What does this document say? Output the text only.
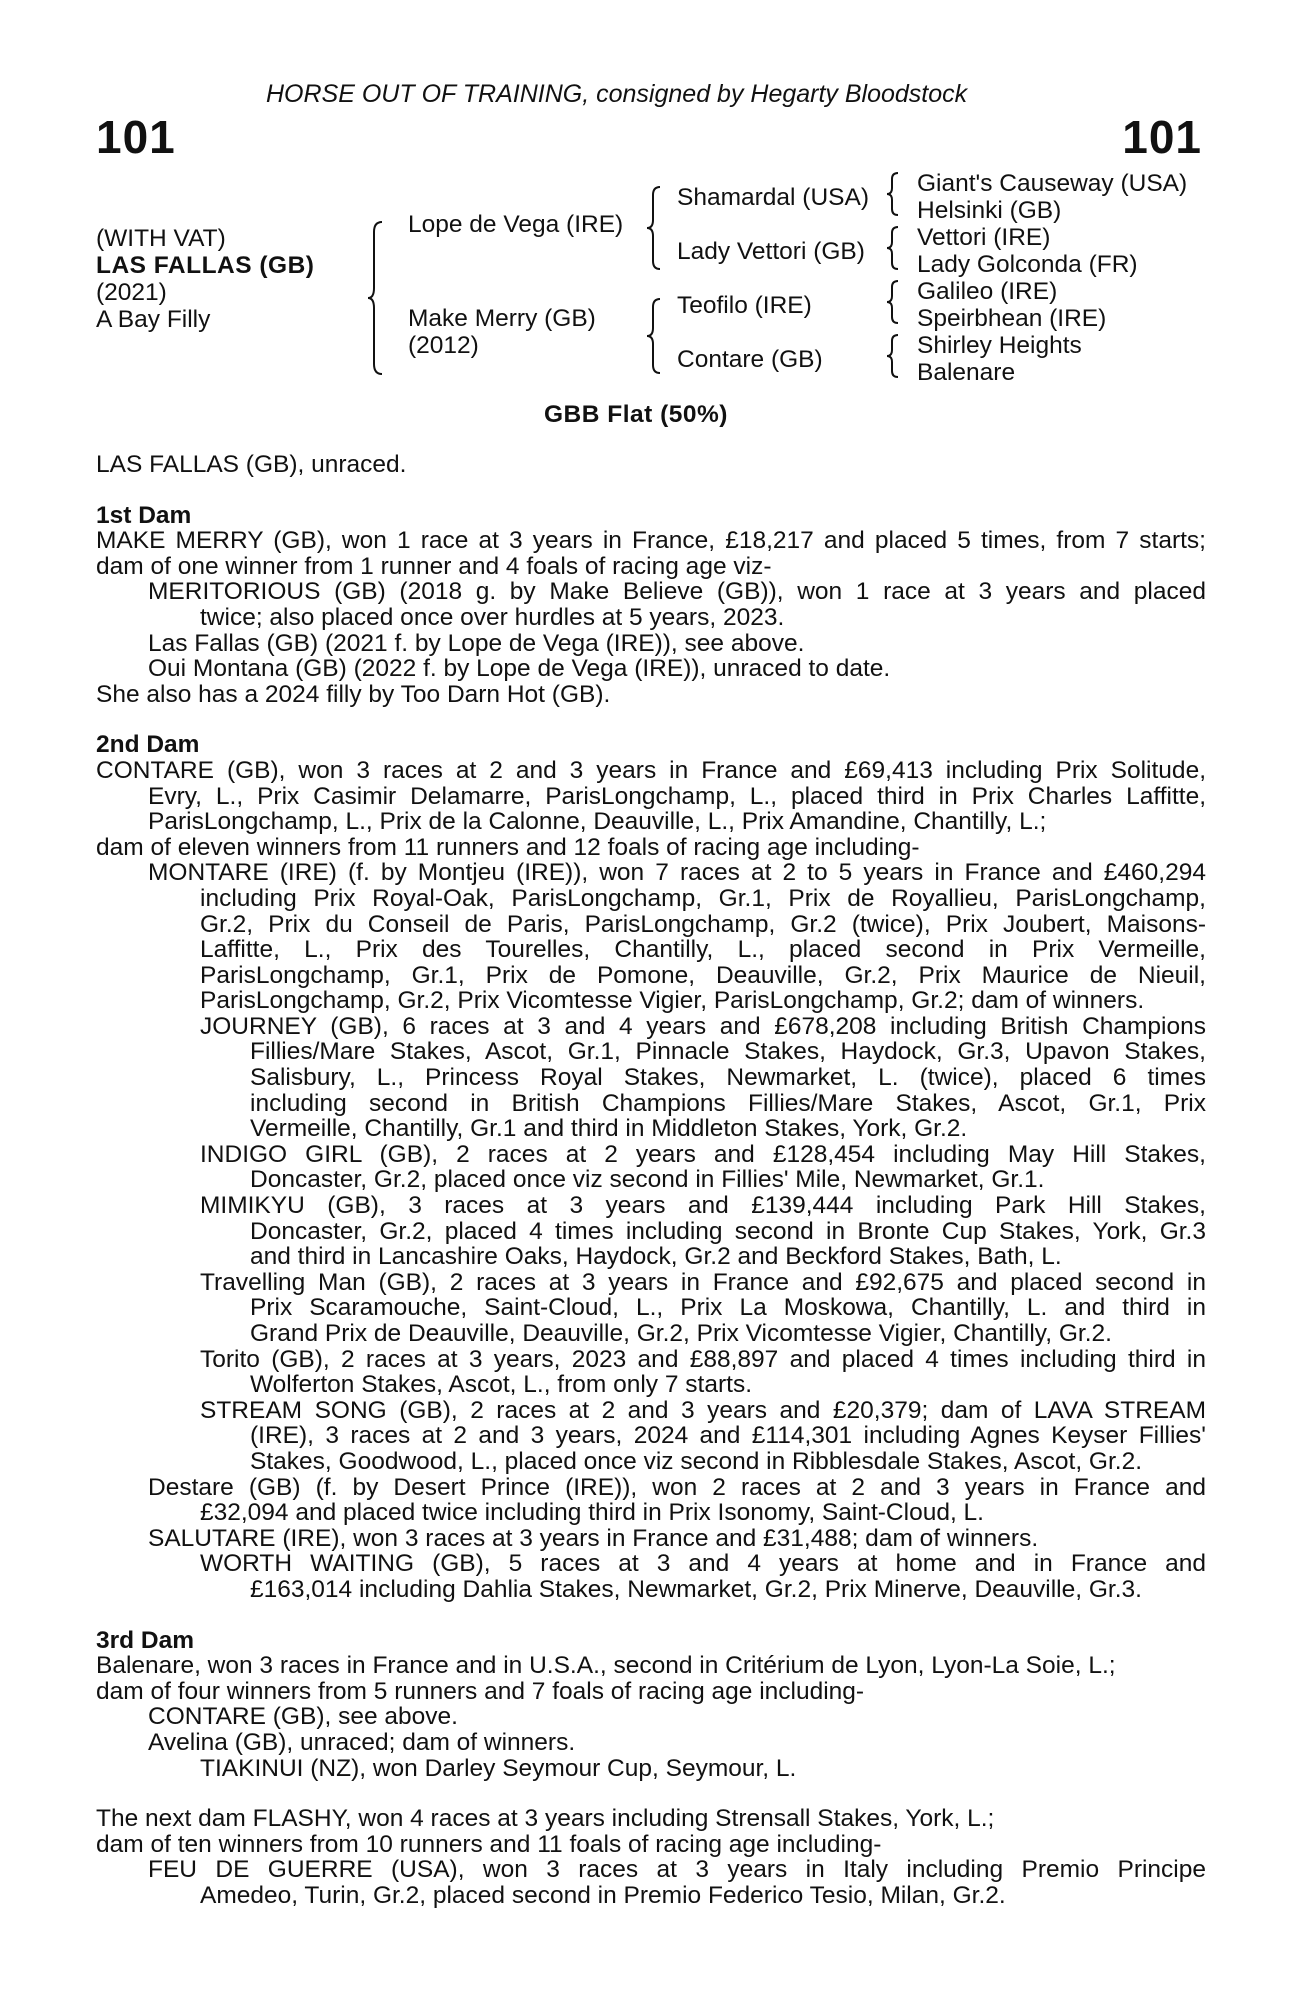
HORSE OUT OF TRAINING, consigned by Hegarty Bloodstock
101	101
(WITH VAT)
LAS FALLAS (GB)
(2021)
A Bay Filly
Lope de Vega (IRE)
Make Merry (GB)
(2012)
Shamardal (USA)
Lady Vettori (GB)
Teofilo (IRE)
Contare (GB)
Giant's Causeway (USA)
Helsinki (GB)
Vettori (IRE)
Lady Golconda (FR)
Galileo (IRE)
Speirbhean (IRE)
Shirley Heights
Balenare
GBB Flat (50%)

LAS FALLAS (GB), unraced.

1st Dam

MAKE MERRY (GB), won 1 race at 3 years in France, £18,217 and placed 5 times, from 7 starts;

dam of one winner from 1 runner and 4 foals of racing age viz-

MERITORIOUS (GB) (2018 g. by Make Believe (GB)), won 1 race at 3 years and placed

twice; also placed once over hurdles at 5 years, 2023.

Las Fallas (GB) (2021 f. by Lope de Vega (IRE)), see above.

Oui Montana (GB) (2022 f. by Lope de Vega (IRE)), unraced to date.

She also has a 2024 filly by Too Darn Hot (GB).

2nd Dam

CONTARE (GB), won 3 races at 2 and 3 years in France and £69,413 including Prix Solitude,

Evry, L., Prix Casimir Delamarre, ParisLongchamp, L., placed third in Prix Charles Laffitte,

ParisLongchamp, L., Prix de la Calonne, Deauville, L., Prix Amandine, Chantilly, L.;

dam of eleven winners from 11 runners and 12 foals of racing age including-

MONTARE (IRE) (f. by Montjeu (IRE)), won 7 races at 2 to 5 years in France and £460,294

including Prix Royal-Oak, ParisLongchamp, Gr.1, Prix de Royallieu, ParisLongchamp,

Gr.2, Prix du Conseil de Paris, ParisLongchamp, Gr.2 (twice), Prix Joubert, Maisons-

Laffitte, L., Prix des Tourelles, Chantilly, L., placed second in Prix Vermeille,

ParisLongchamp, Gr.1, Prix de Pomone, Deauville, Gr.2, Prix Maurice de Nieuil,

ParisLongchamp, Gr.2, Prix Vicomtesse Vigier, ParisLongchamp, Gr.2; dam of winners.

JOURNEY (GB), 6 races at 3 and 4 years and £678,208 including British Champions

Fillies/Mare Stakes, Ascot, Gr.1, Pinnacle Stakes, Haydock, Gr.3, Upavon Stakes,

Salisbury, L., Princess Royal Stakes, Newmarket, L. (twice), placed 6 times

including second in British Champions Fillies/Mare Stakes, Ascot, Gr.1, Prix

Vermeille, Chantilly, Gr.1 and third in Middleton Stakes, York, Gr.2.

INDIGO GIRL (GB), 2 races at 2 years and £128,454 including May Hill Stakes,

Doncaster, Gr.2, placed once viz second in Fillies' Mile, Newmarket, Gr.1.

MIMIKYU (GB), 3 races at 3 years and £139,444 including Park Hill Stakes,

Doncaster, Gr.2, placed 4 times including second in Bronte Cup Stakes, York, Gr.3

and third in Lancashire Oaks, Haydock, Gr.2 and Beckford Stakes, Bath, L.

Travelling Man (GB), 2 races at 3 years in France and £92,675 and placed second in

Prix Scaramouche, Saint-Cloud, L., Prix La Moskowa, Chantilly, L. and third in

Grand Prix de Deauville, Deauville, Gr.2, Prix Vicomtesse Vigier, Chantilly, Gr.2.

Torito (GB), 2 races at 3 years, 2023 and £88,897 and placed 4 times including third in

Wolferton Stakes, Ascot, L., from only 7 starts.

STREAM SONG (GB), 2 races at 2 and 3 years and £20,379; dam of LAVA STREAM

(IRE), 3 races at 2 and 3 years, 2024 and £114,301 including Agnes Keyser Fillies'

Stakes, Goodwood, L., placed once viz second in Ribblesdale Stakes, Ascot, Gr.2.

Destare (GB) (f. by Desert Prince (IRE)), won 2 races at 2 and 3 years in France and

£32,094 and placed twice including third in Prix Isonomy, Saint-Cloud, L.

SALUTARE (IRE), won 3 races at 3 years in France and £31,488; dam of winners.

WORTH WAITING (GB), 5 races at 3 and 4 years at home and in France and

£163,014 including Dahlia Stakes, Newmarket, Gr.2, Prix Minerve, Deauville, Gr.3.

3rd Dam

Balenare, won 3 races in France and in U.S.A., second in Critérium de Lyon, Lyon-La Soie, L.;

dam of four winners from 5 runners and 7 foals of racing age including-

CONTARE (GB), see above.

Avelina (GB), unraced; dam of winners.

TIAKINUI (NZ), won Darley Seymour Cup, Seymour, L.

The next dam FLASHY, won 4 races at 3 years including Strensall Stakes, York, L.;

dam of ten winners from 10 runners and 11 foals of racing age including-

FEU DE GUERRE (USA), won 3 races at 3 years in Italy including Premio Principe

Amedeo, Turin, Gr.2, placed second in Premio Federico Tesio, Milan, Gr.2.
